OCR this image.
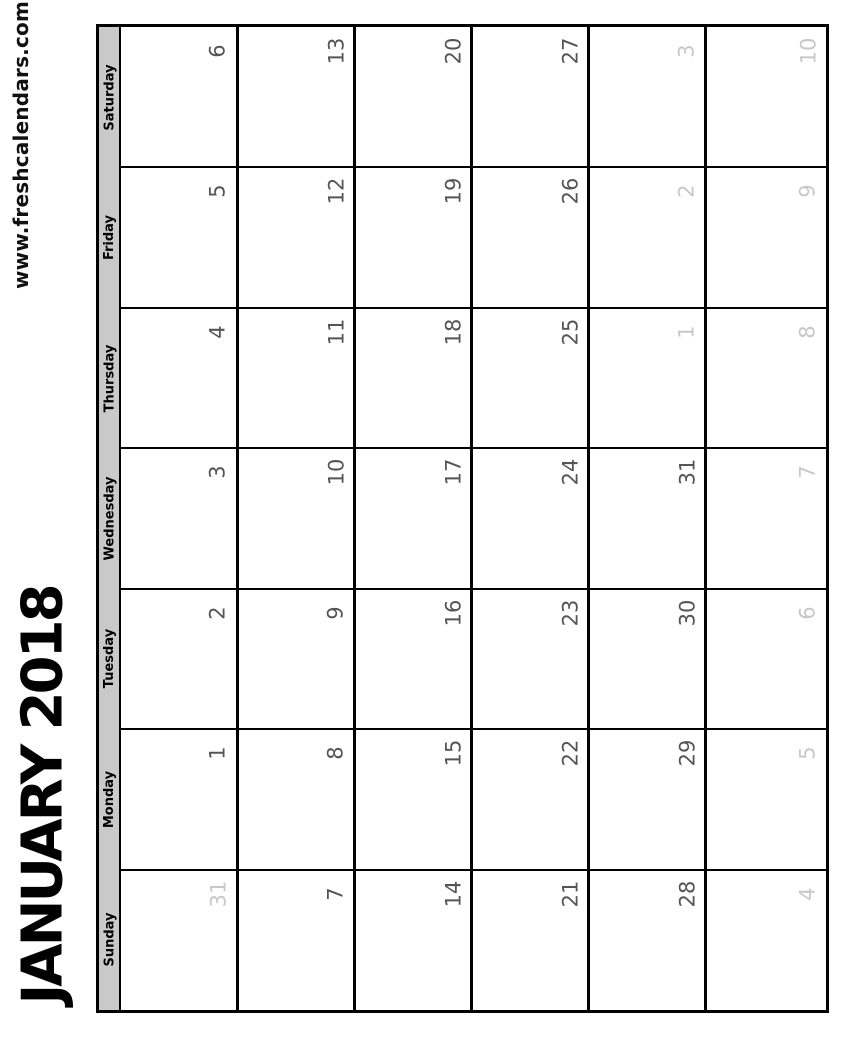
www.freshcalendars.com
JANUARY 2018 Sunday
Monday
Tuesday
Wednesday
Thursday
Friday
Saturday
31
1
2
3
4
5
6
7
8
9
10
11
12
13
14
15
16
17
18
19
20
21
22
23
24
25
26
27
28
29
30
31
1
2
3
4
5
6
7
8
9
10
